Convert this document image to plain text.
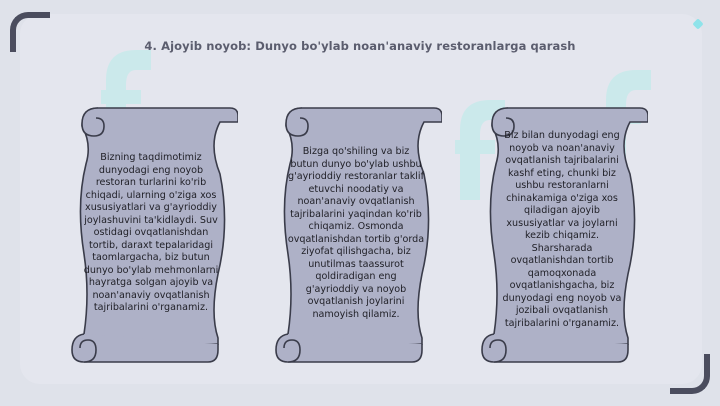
4. Ajoyib noyob: Dunyo bo'ylab noan'anaviy restoranlarga qarash
Bizning taqdimotimiz
dunyodagi eng noyob
restoran turlarini ko'rib
chiqadi, ularning o'ziga xos
xususiyatlari va g'ayrioddiy
joylashuvini ta'kidlaydi. Suv
ostidagi ovqatlanishdan
tortib, daraxt tepalaridagi
taomlargacha, biz butun
dunyo bo'ylab mehmonlarni
hayratga solgan ajoyib va
noan'anaviy ovqatlanish
tajribalarini o'rganamiz.
Bizga qo'shiling va biz
butun dunyo bo'ylab ushbu
g'ayrioddiy restoranlar taklif
etuvchi noodatiy va
noan'anaviy ovqatlanish
tajribalarini yaqindan ko'rib
chiqamiz. Osmonda
ovqatlanishdan tortib g'orda
ziyofat qilishgacha, biz
unutilmas taassurot
qoldiradigan eng
g'ayrioddiy va noyob
ovqatlanish joylarini
namoyish qilamiz.
Biz bilan dunyodagi eng
noyob va noan'anaviy
ovqatlanish tajribalarini
kashf eting, chunki biz
ushbu restoranlarni
chinakamiga o'ziga xos
qiladigan ajoyib
xususiyatlar va joylarni
kezib chiqamiz.
Sharsharada
ovqatlanishdan tortib
qamoqxonada
ovqatlanishgacha, biz
dunyodagi eng noyob va
jozibali ovqatlanish
tajribalarini o'rganamiz.
